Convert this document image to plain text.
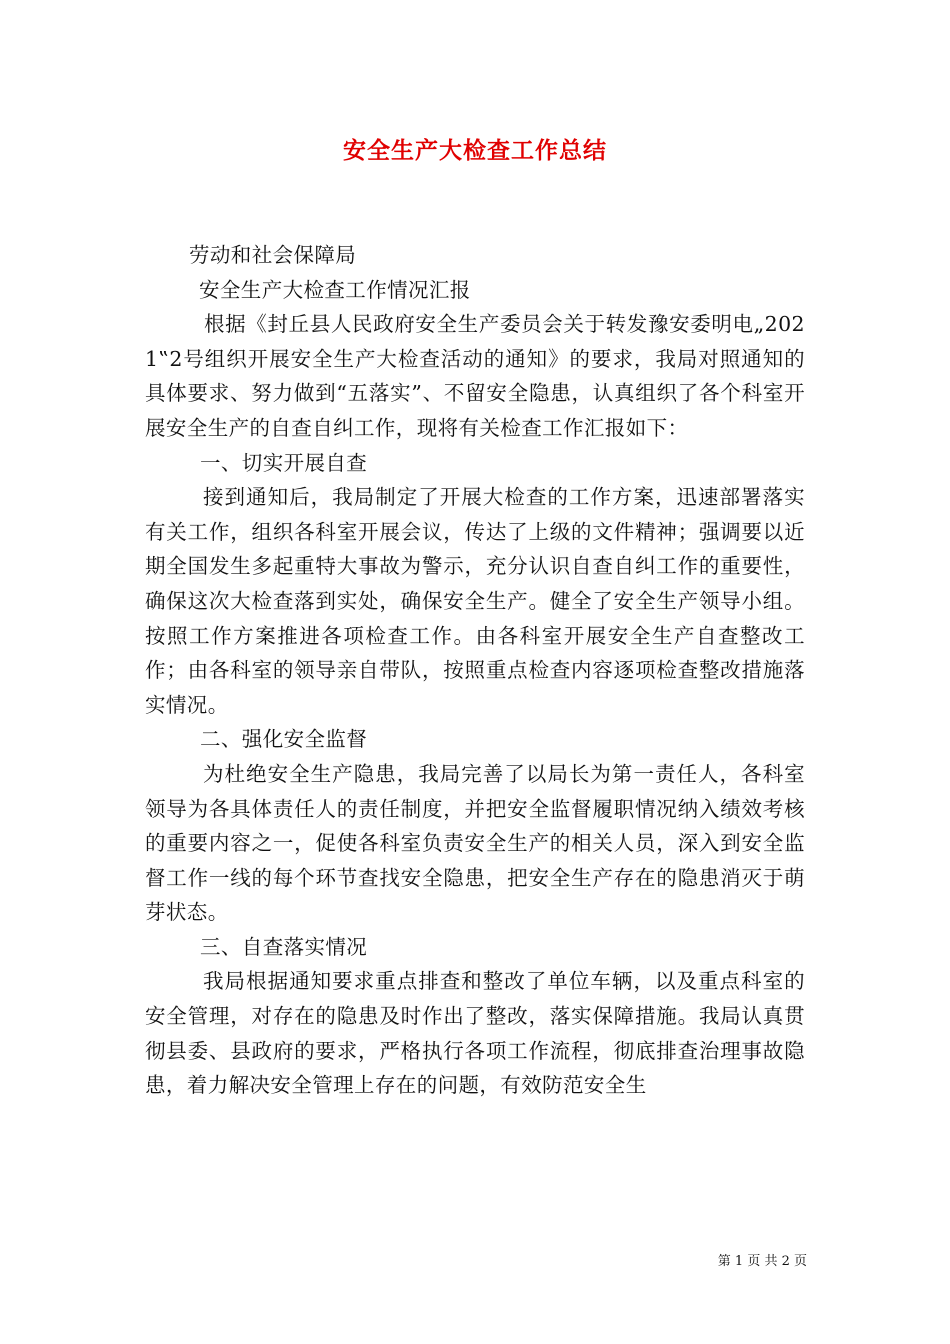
安全生产大检查工作总结

劳动和社会保障局

安全生产大检查工作情况汇报

根据《封丘县人民政府安全生产委员会关于转发豫安委明电„2021‟2号组织开展安全生产大检查活动的通知》的要求，我局对照通知的具体要求、努力做到“五落实”、不留安全隐患，认真组织了各个科室开展安全生产的自查自纠工作，现将有关检查工作汇报如下：

一、切实开展自查

接到通知后，我局制定了开展大检查的工作方案，迅速部署落实有关工作，组织各科室开展会议，传达了上级的文件精神；强调要以近期全国发生多起重特大事故为警示，充分认识自查自纠工作的重要性，确保这次大检查落到实处，确保安全生产。健全了安全生产领导小组。按照工作方案推进各项检查工作。由各科室开展安全生产自查整改工作；由各科室的领导亲自带队，按照重点检查内容逐项检查整改措施落实情况。

二、强化安全监督

为杜绝安全生产隐患，我局完善了以局长为第一责任人，各科室领导为各具体责任人的责任制度，并把安全监督履职情况纳入绩效考核的重要内容之一，促使各科室负责安全生产的相关人员，深入到安全监督工作一线的每个环节查找安全隐患，把安全生产存在的隐患消灭于萌芽状态。

三、自查落实情况

我局根据通知要求重点排查和整改了单位车辆，以及重点科室的安全管理，对存在的隐患及时作出了整改，落实保障措施。我局认真贯彻县委、县政府的要求，严格执行各项工作流程，彻底排查治理事故隐患，着力解决安全管理上存在的问题，有效防范安全生

第 1 页 共 2 页
